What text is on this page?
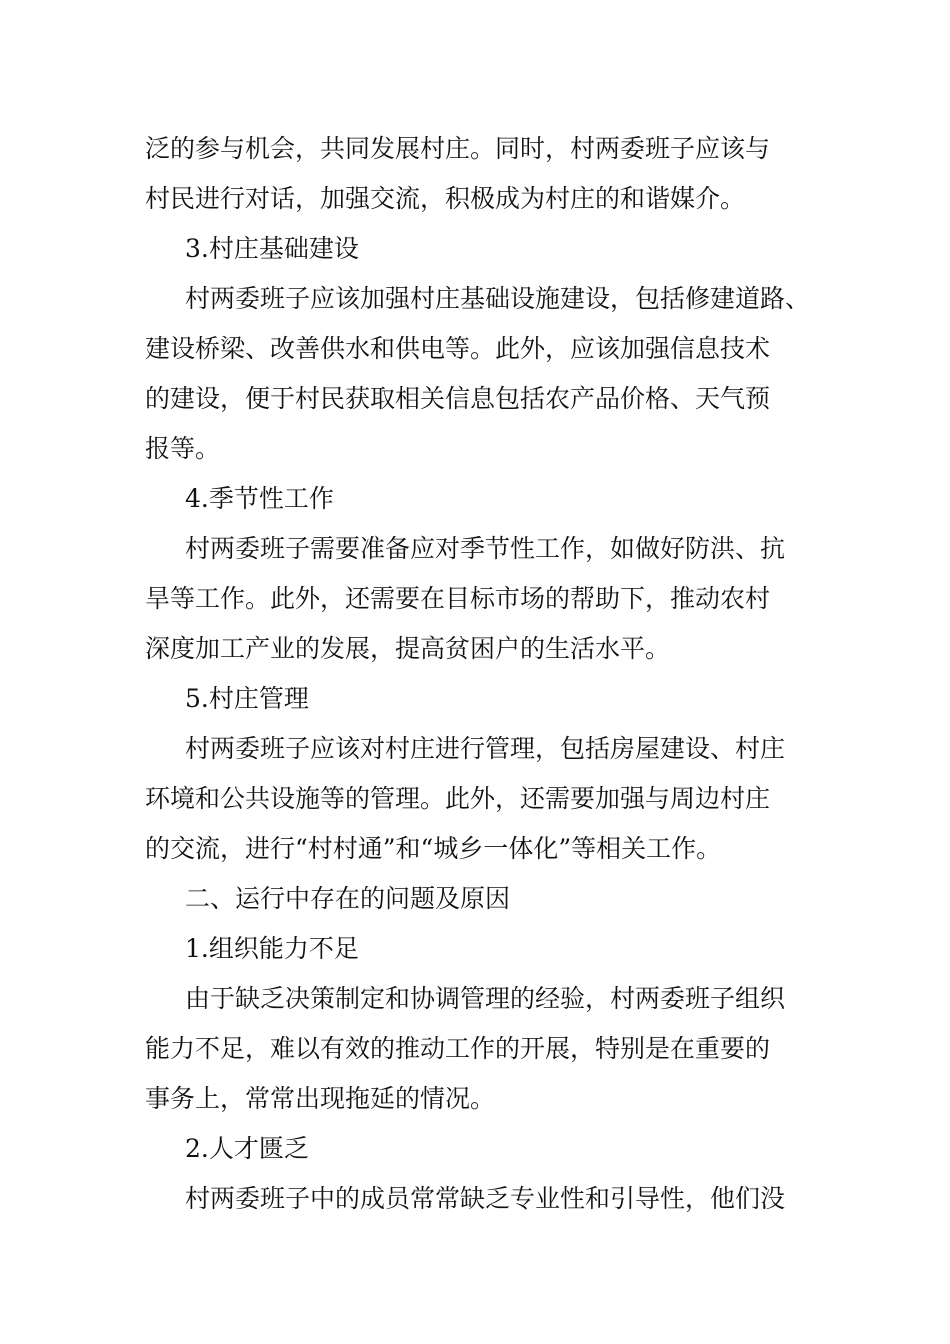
泛的参与机会，共同发展村庄。同时，村两委班子应该与
村民进行对话，加强交流，积极成为村庄的和谐媒介。
3.村庄基础建设
村两委班子应该加强村庄基础设施建设，包括修建道路、
建设桥梁、改善供水和供电等。此外，应该加强信息技术
的建设，便于村民获取相关信息包括农产品价格、天气预
报等。
4.季节性工作
村两委班子需要准备应对季节性工作，如做好防洪、抗
旱等工作。此外，还需要在目标市场的帮助下，推动农村
深度加工产业的发展，提高贫困户的生活水平。
5.村庄管理
村两委班子应该对村庄进行管理，包括房屋建设、村庄
环境和公共设施等的管理。此外，还需要加强与周边村庄
的交流，进行“村村通”和“城乡一体化”等相关工作。
二、运行中存在的问题及原因
1.组织能力不足
由于缺乏决策制定和协调管理的经验，村两委班子组织
能力不足，难以有效的推动工作的开展，特别是在重要的
事务上，常常出现拖延的情况。
2.人才匮乏
村两委班子中的成员常常缺乏专业性和引导性，他们没
